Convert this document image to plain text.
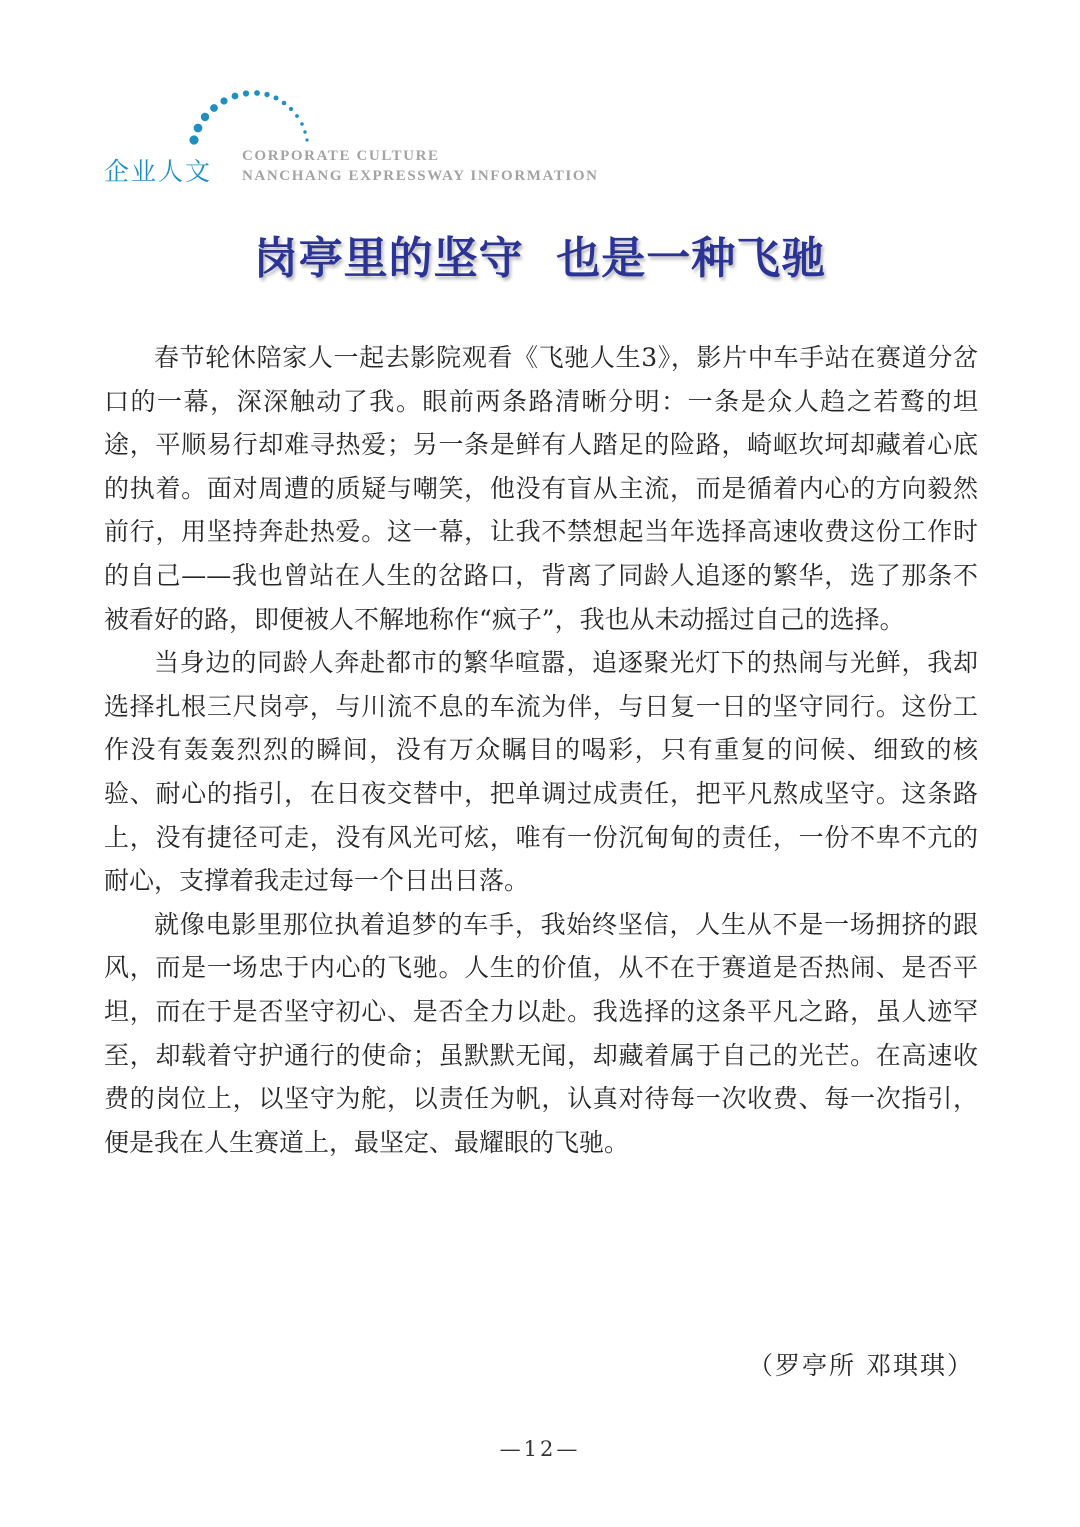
企业人文
CORPORATE CULTURE
NANCHANG EXPRESSWAY INFORMATION
岗亭里的坚守  也是一种飞驰

春节轮休陪家人一起去影院观看《飞驰人生3》，影片中车手站在赛道分岔口的一幕，深深触动了我。眼前两条路清晰分明：一条是众人趋之若鹜的坦途，平顺易行却难寻热爱；另一条是鲜有人踏足的险路，崎岖坎坷却藏着心底的执着。面对周遭的质疑与嘲笑，他没有盲从主流，而是循着内心的方向毅然前行，用坚持奔赴热爱。这一幕，让我不禁想起当年选择高速收费这份工作时的自己——我也曾站在人生的岔路口，背离了同龄人追逐的繁华，选了那条不被看好的路，即便被人不解地称作“疯子”，我也从未动摇过自己的选择。

当身边的同龄人奔赴都市的繁华喧嚣，追逐聚光灯下的热闹与光鲜，我却选择扎根三尺岗亭，与川流不息的车流为伴，与日复一日的坚守同行。这份工作没有轰轰烈烈的瞬间，没有万众瞩目的喝彩，只有重复的问候、细致的核验、耐心的指引，在日夜交替中，把单调过成责任，把平凡熬成坚守。这条路上，没有捷径可走，没有风光可炫，唯有一份沉甸甸的责任，一份不卑不亢的耐心，支撑着我走过每一个日出日落。

就像电影里那位执着追梦的车手，我始终坚信，人生从不是一场拥挤的跟风，而是一场忠于内心的飞驰。人生的价值，从不在于赛道是否热闹、是否平坦，而在于是否坚守初心、是否全力以赴。我选择的这条平凡之路，虽人迹罕至，却载着守护通行的使命；虽默默无闻，却藏着属于自己的光芒。在高速收费的岗位上，以坚守为舵，以责任为帆，认真对待每一次收费、每一次指引，便是我在人生赛道上，最坚定、最耀眼的飞驰。

（罗亭所 邓琪琪）
—12—
